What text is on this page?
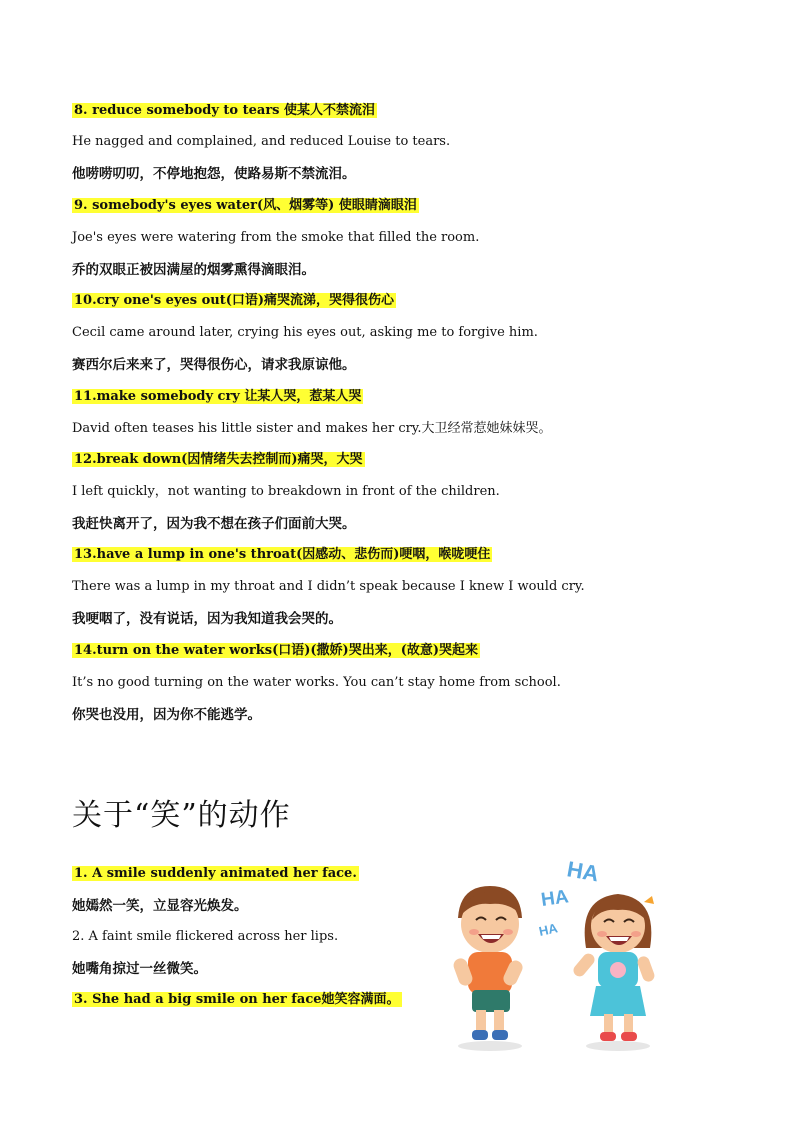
8. reduce somebody to tears 使某人不禁流泪
He nagged and complained, and reduced Louise to tears.
他唠唠叨叨，不停地抱怨，使路易斯不禁流泪。
9. somebody's eyes water(风、烟雾等) 使眼睛滴眼泪
Joe's eyes were watering from the smoke that filled the room.
乔的双眼正被因满屋的烟雾熏得滴眼泪。
10.cry one's eyes out(口语)痛哭流涕，哭得很伤心
Cecil came around later, crying his eyes out, asking me to forgive him.
赛西尔后来来了，哭得很伤心，请求我原谅他。
11.make somebody cry 让某人哭，惹某人哭
David often teases his little sister and makes her cry.大卫经常惹她妹妹哭。
12.break down(因情绪失去控制而)痛哭，大哭
I left quickly，not wanting to breakdown in front of the children.
我赶快离开了，因为我不想在孩子们面前大哭。
13.have a lump in one's throat(因感动、悲伤而)哽咽，喉咙哽住
There was a lump in my throat and I didn’t speak because I knew I would cry.
我哽咽了，没有说话，因为我知道我会哭的。
14.turn on the water works(口语)(撒娇)哭出来，(故意)哭起来
It’s no good turning on the water works. You can’t stay home from school.
你哭也没用，因为你不能逃学。
关于“笑”的动作
1. A smile suddenly animated her face.
她嫣然一笑，立显容光焕发。
2. A faint smile flickered across her lips.
她嘴角掠过一丝微笑。
3. She had a big smile on her face她笑容满面。
HA
HA
HA
